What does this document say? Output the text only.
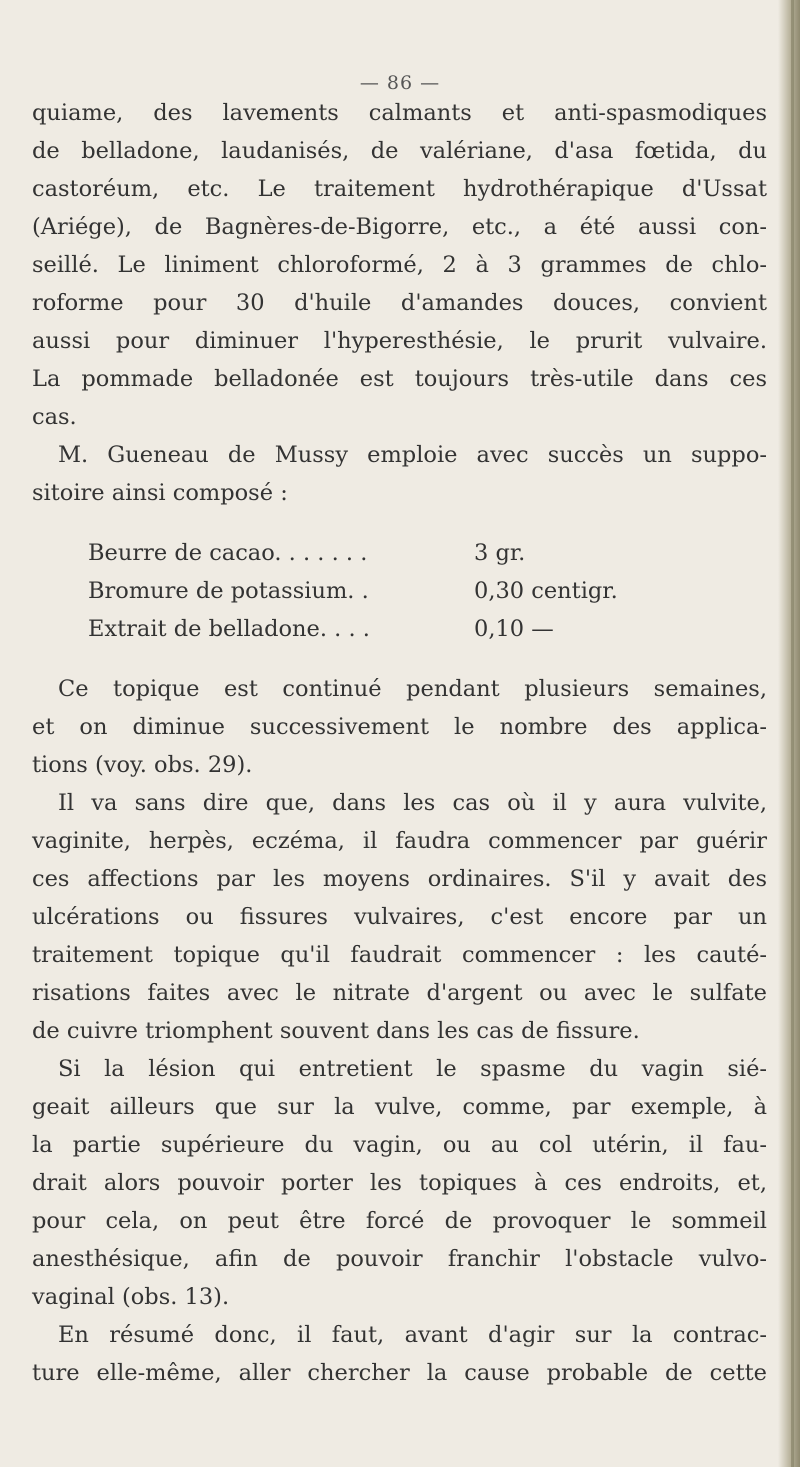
— 86 —
quiame, des lavements calmants et anti-spasmodiques
de belladone, laudanisés, de valériane, d'asa fœtida, du
castoréum, etc. Le traitement hydrothérapique d'Ussat
(Ariége), de Bagnères-de-Bigorre, etc., a été aussi con-
seillé. Le liniment chloroformé, 2 à 3 grammes de chlo-
roforme pour 30 d'huile d'amandes douces, convient
aussi pour diminuer l'hyperesthésie, le prurit vulvaire.
La pommade belladonée est toujours très-utile dans ces
cas.
M. Gueneau de Mussy emploie avec succès un suppo-
sitoire ainsi composé :
Beurre de cacao. . . . . . .	3 gr.
Bromure de potassium. .	0,30 centigr.
Extrait de belladone. . . .	0,10 —
Ce topique est continué pendant plusieurs semaines,
et on diminue successivement le nombre des applica-
tions (voy. obs. 29).
Il va sans dire que, dans les cas où il y aura vulvite,
vaginite, herpès, eczéma, il faudra commencer par guérir
ces affections par les moyens ordinaires. S'il y avait des
ulcérations ou fissures vulvaires, c'est encore par un
traitement topique qu'il faudrait commencer : les cauté-
risations faites avec le nitrate d'argent ou avec le sulfate
de cuivre triomphent souvent dans les cas de fissure.
Si la lésion qui entretient le spasme du vagin sié-
geait ailleurs que sur la vulve, comme, par exemple, à
la partie supérieure du vagin, ou au col utérin, il fau-
drait alors pouvoir porter les topiques à ces endroits, et,
pour cela, on peut être forcé de provoquer le sommeil
anesthésique, afin de pouvoir franchir l'obstacle vulvo-
vaginal (obs. 13).
En résumé donc, il faut, avant d'agir sur la contrac-
ture elle-même, aller chercher la cause probable de cette
